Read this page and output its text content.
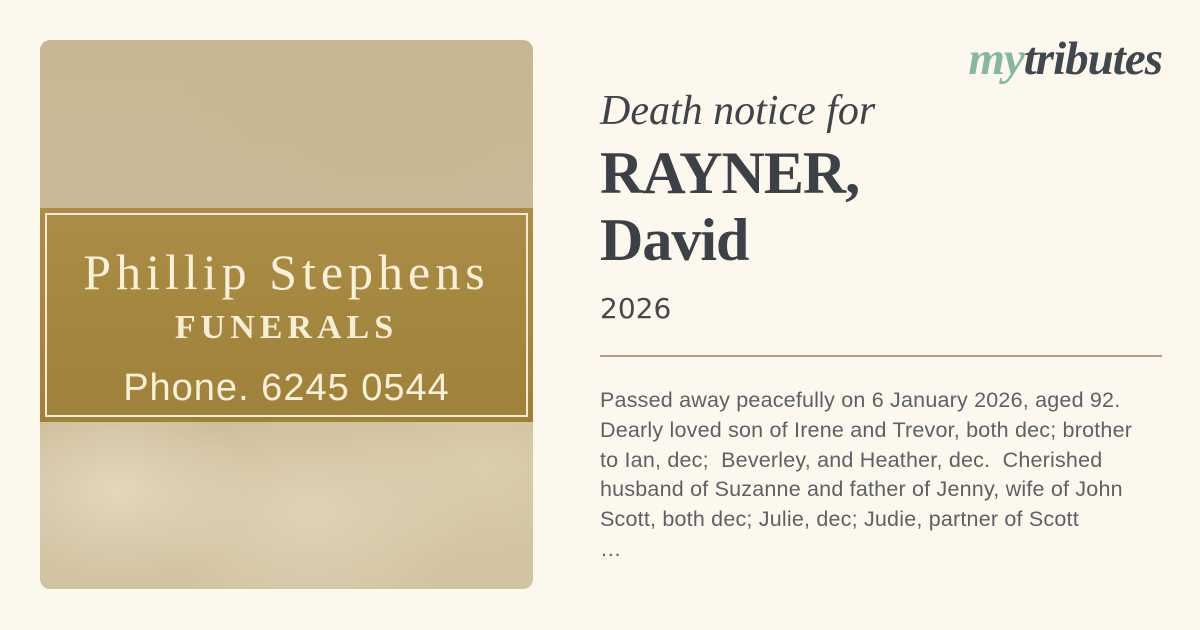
Phillip Stephens
FUNERALS
Phone. 6245 0544
mytributes
Death notice for
RAYNER,
David
2026
Passed away peacefully on 6 January 2026, aged 92.
Dearly loved son of Irene and Trevor, both dec; brother
to Ian, dec;  Beverley, and Heather, dec.  Cherished
husband of Suzanne and father of Jenny, wife of John
Scott, both dec; Julie, dec; Judie, partner of Scott
…
